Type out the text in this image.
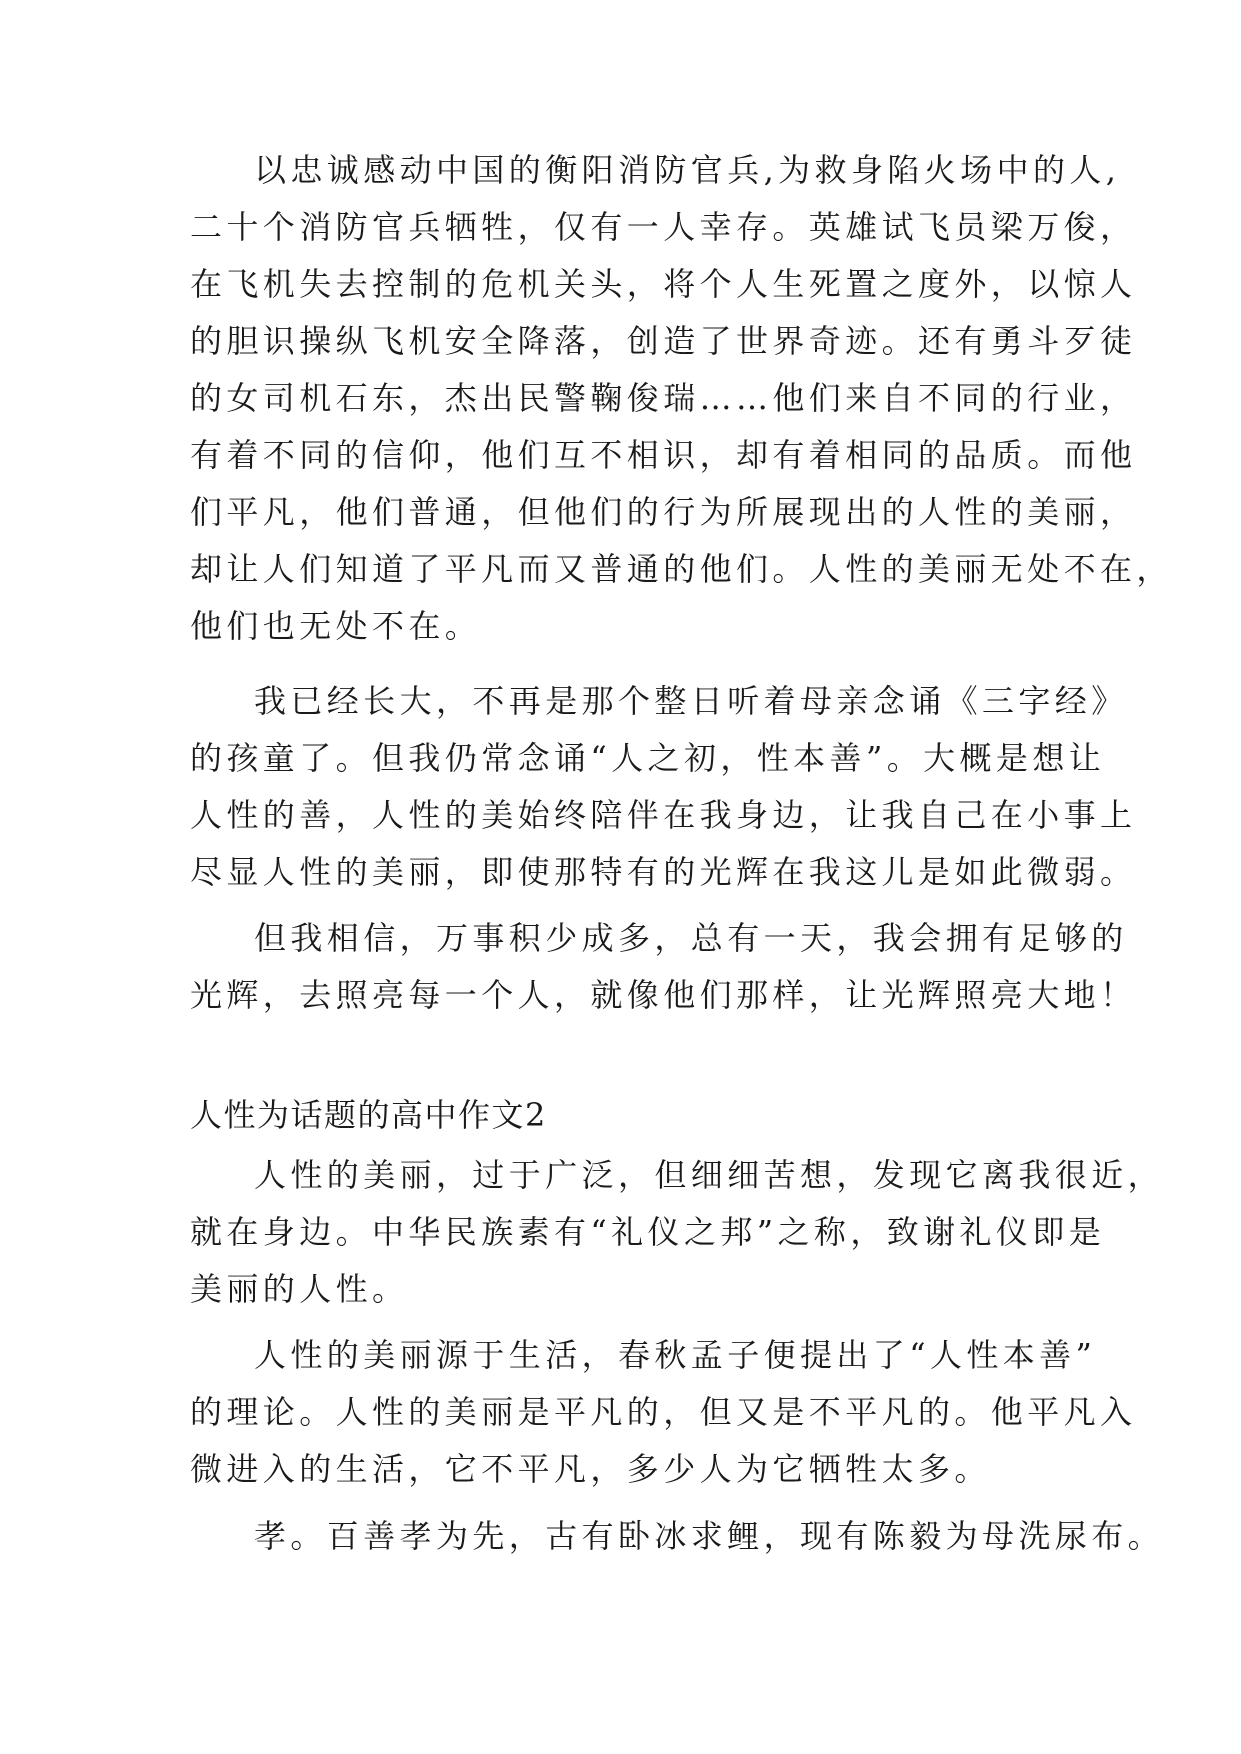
以忠诚感动中国的衡阳消防官兵,为救身陷火场中的人,
二十个消防官兵牺牲，仅有一人幸存。英雄试飞员梁万俊，
在飞机失去控制的危机关头，将个人生死置之度外，以惊人
的胆识操纵飞机安全降落，创造了世界奇迹。还有勇斗歹徒
的女司机石东，杰出民警鞠俊瑞……他们来自不同的行业，
有着不同的信仰，他们互不相识，却有着相同的品质。而他
们平凡，他们普通，但他们的行为所展现出的人性的美丽，
却让人们知道了平凡而又普通的他们。人性的美丽无处不在，
他们也无处不在。
我已经长大，不再是那个整日听着母亲念诵《三字经》
的孩童了。但我仍常念诵“人之初，性本善”。大概是想让
人性的善，人性的美始终陪伴在我身边，让我自己在小事上
尽显人性的美丽，即使那特有的光辉在我这儿是如此微弱。
但我相信，万事积少成多，总有一天，我会拥有足够的
光辉，去照亮每一个人，就像他们那样，让光辉照亮大地！
人性为话题的高中作文2
人性的美丽，过于广泛，但细细苦想，发现它离我很近，
就在身边。中华民族素有“礼仪之邦”之称，致谢礼仪即是
美丽的人性。
人性的美丽源于生活，春秋孟子便提出了“人性本善”
的理论。人性的美丽是平凡的，但又是不平凡的。他平凡入
微进入的生活，它不平凡，多少人为它牺牲太多。
孝。百善孝为先，古有卧冰求鲤，现有陈毅为母洗尿布。
